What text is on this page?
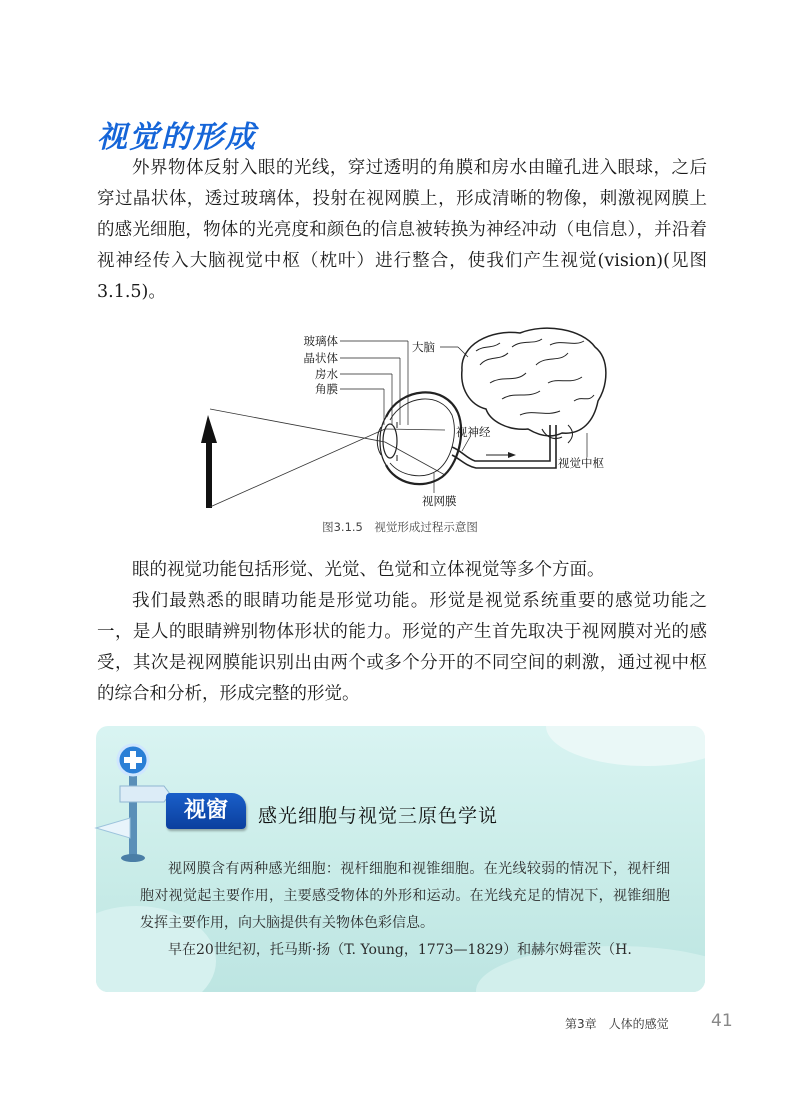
视觉的形成

外界物体反射入眼的光线，穿过透明的角膜和房水由瞳孔进入眼球，之后穿过晶状体，透过玻璃体，投射在视网膜上，形成清晰的物像，刺激视网膜上的感光细胞，物体的光亮度和颜色的信息被转换为神经冲动（电信息），并沿着视神经传入大脑视觉中枢（枕叶）进行整合，使我们产生视觉(vision)(见图3.1.5)。

玻璃体
晶状体
房水
角膜
大脑
视神经
视觉中枢
视网膜
图3.1.5　视觉形成过程示意图

眼的视觉功能包括形觉、光觉、色觉和立体视觉等多个方面。

我们最熟悉的眼睛功能是形觉功能。形觉是视觉系统重要的感觉功能之一，是人的眼睛辨别物体形状的能力。形觉的产生首先取决于视网膜对光的感受，其次是视网膜能识别出由两个或多个分开的不同空间的刺激，通过视中枢的综合和分析，形成完整的形觉。

视窗	感光细胞与视觉三原色学说

视网膜含有两种感光细胞：视杆细胞和视锥细胞。在光线较弱的情况下，视杆细胞对视觉起主要作用，主要感受物体的外形和运动。在光线充足的情况下，视锥细胞发挥主要作用，向大脑提供有关物体色彩信息。

早在20世纪初，托马斯·扬（T. Young，1773—1829）和赫尔姆霍茨（H.

第3章　人体的感觉 41
